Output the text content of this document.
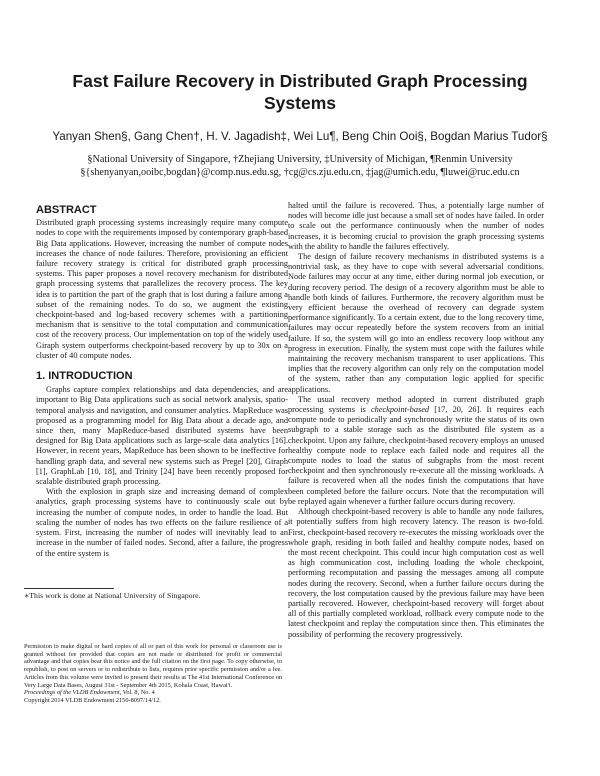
Fast Failure Recovery in Distributed Graph Processing Systems
Yanyan Shen§, Gang Chen†, H. V. Jagadish‡, Wei Lu¶, Beng Chin Ooi§, Bogdan Marius Tudor§
§National University of Singapore, †Zhejiang University, ‡University of Michigan, ¶Renmin University
§{shenyanyan,ooibc,bogdan}@comp.nus.edu.sg, †cg@cs.zju.edu.cn, ‡jag@umich.edu, ¶luwei@ruc.edu.cn
ABSTRACT

Distributed graph processing systems increasingly require many compute nodes to cope with the requirements imposed by contemporary graph-based Big Data applications. However, increasing the number of compute nodes increases the chance of node failures. Therefore, provisioning an efficient failure recovery strategy is critical for distributed graph processing systems. This paper proposes a novel recovery mechanism for distributed graph processing systems that parallelizes the recovery process. The key idea is to partition the part of the graph that is lost during a failure among a subset of the remaining nodes. To do so, we augment the existing checkpoint-based and log-based recovery schemes with a partitioning mechanism that is sensitive to the total computation and communication cost of the recovery process. Our implementation on top of the widely used Giraph system outperforms checkpoint-based recovery by up to 30x on a cluster of 40 compute nodes.

1. INTRODUCTION

Graphs capture complex relationships and data dependencies, and are important to Big Data applications such as social network analysis, spatio-temporal analysis and navigation, and consumer analytics. MapReduce was proposed as a programming model for Big Data about a decade ago, and since then, many MapReduce-based distributed systems have been designed for Big Data applications such as large-scale data analytics [16]. However, in recent years, MapReduce has been shown to be ineffective for handling graph data, and several new systems such as Pregel [20], Giraph [1], GraphLab [10, 18], and Trinity [24] have been recently proposed for scalable distributed graph processing.

With the explosion in graph size and increasing demand of complex analytics, graph processing systems have to continuously scale out by increasing the number of compute nodes, in order to handle the load. But scaling the number of nodes has two effects on the failure resilience of a system. First, increasing the number of nodes will inevitably lead to an increase in the number of failed nodes. Second, after a failure, the progress of the entire system is

∗This work is done at National University of Singapore.

Permission to make digital or hard copies of all or part of this work for personal or classroom use is granted without fee provided that copies are not made or distributed for profit or commercial advantage and that copies bear this notice and the full citation on the first page. To copy otherwise, to republish, to post on servers or to redistribute to lists, requires prior specific permission and/or a fee. Articles from this volume were invited to present their results at The 41st International Conference on Very Large Data Bases, August 31st - September 4th 2015, Kohala Coast, Hawai'i.
Proceedings of the VLDB Endowment, Vol. 8, No. 4
Copyright 2014 VLDB Endowment 2150-8097/14/12.

halted until the failure is recovered. Thus, a potentially large number of nodes will become idle just because a small set of nodes have failed. In order to scale out the performance continuously when the number of nodes increases, it is becoming crucial to provision the graph processing systems with the ability to handle the failures effectively.

The design of failure recovery mechanisms in distributed systems is a nontrivial task, as they have to cope with several adversarial conditions. Node failures may occur at any time, either during normal job execution, or during recovery period. The design of a recovery algorithm must be able to handle both kinds of failures. Furthermore, the recovery algorithm must be very efficient because the overhead of recovery can degrade system performance significantly. To a certain extent, due to the long recovery time, failures may occur repeatedly before the system recovers from an initial failure. If so, the system will go into an endless recovery loop without any progress in execution. Finally, the system must cope with the failures while maintaining the recovery mechanism transparent to user applications. This implies that the recovery algorithm can only rely on the computation model of the system, rather than any computation logic applied for specific applications.

The usual recovery method adopted in current distributed graph processing systems is checkpoint-based [17, 20, 26]. It requires each compute node to periodically and synchronously write the status of its own subgraph to a stable storage such as the distributed file system as a checkpoint. Upon any failure, checkpoint-based recovery employs an unused healthy compute node to replace each failed node and requires all the compute nodes to load the status of subgraphs from the most recent checkpoint and then synchronously re-execute all the missing workloads. A failure is recovered when all the nodes finish the computations that have been completed before the failure occurs. Note that the recomputation will be replayed again whenever a further failure occurs during recovery.

Although checkpoint-based recovery is able to handle any node failures, it potentially suffers from high recovery latency. The reason is two-fold. First, checkpoint-based recovery re-executes the missing workloads over the whole graph, residing in both failed and healthy compute nodes, based on the most recent checkpoint. This could incur high computation cost as well as high communication cost, including loading the whole checkpoint, performing recomputation and passing the messages among all compute nodes during the recovery. Second, when a further failure occurs during the recovery, the lost computation caused by the previous failure may have been partially recovered. However, checkpoint-based recovery will forget about all of this partially completed workload, rollback every compute node to the latest checkpoint and replay the computation since then. This eliminates the possibility of performing the recovery progressively.
